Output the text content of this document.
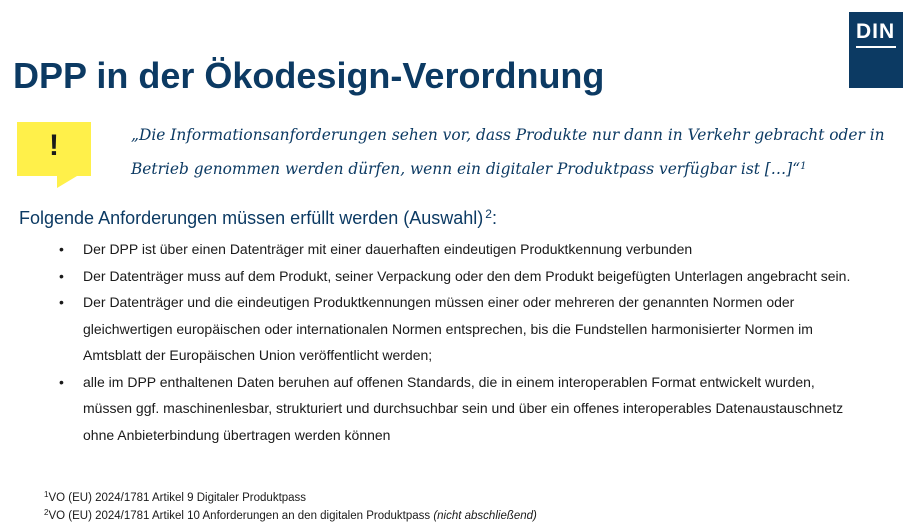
DIN
DPP in der Ökodesign-Verordnung
!	„Die Informationsanforderungen sehen vor, dass Produkte nur dann in Verkehr gebracht oder in Betrieb genommen werden dürfen, wenn ein digitaler Produktpass verfügbar ist […]“$^1$
Folgende Anforderungen müssen erfüllt werden (Auswahl) $^2$:
• Der DPP ist über einen Datenträger mit einer dauerhaften eindeutigen Produktkennung verbunden
• Der Datenträger muss auf dem Produkt, seiner Verpackung oder den dem Produkt beigefügten Unterlagen angebracht sein.
• Der Datenträger und die eindeutigen Produktkennungen müssen einer oder mehreren der genannten Normen oder gleichwertigen europäischen oder internationalen Normen entsprechen, bis die Fundstellen harmonisierter Normen im Amtsblatt der Europäischen Union veröffentlicht werden;
• alle im DPP enthaltenen Daten beruhen auf offenen Standards, die in einem interoperablen Format entwickelt wurden, müssen ggf. maschinenlesbar, strukturiert und durchsuchbar sein und über ein offenes interoperables Datenaustauschnetz ohne Anbieterbindung übertragen werden können
$^1$VO (EU) 2024/1781 Artikel 9 Digitaler Produktpass
$^2$VO (EU) 2024/1781 Artikel 10 Anforderungen an den digitalen Produktpass (nicht abschließend)
